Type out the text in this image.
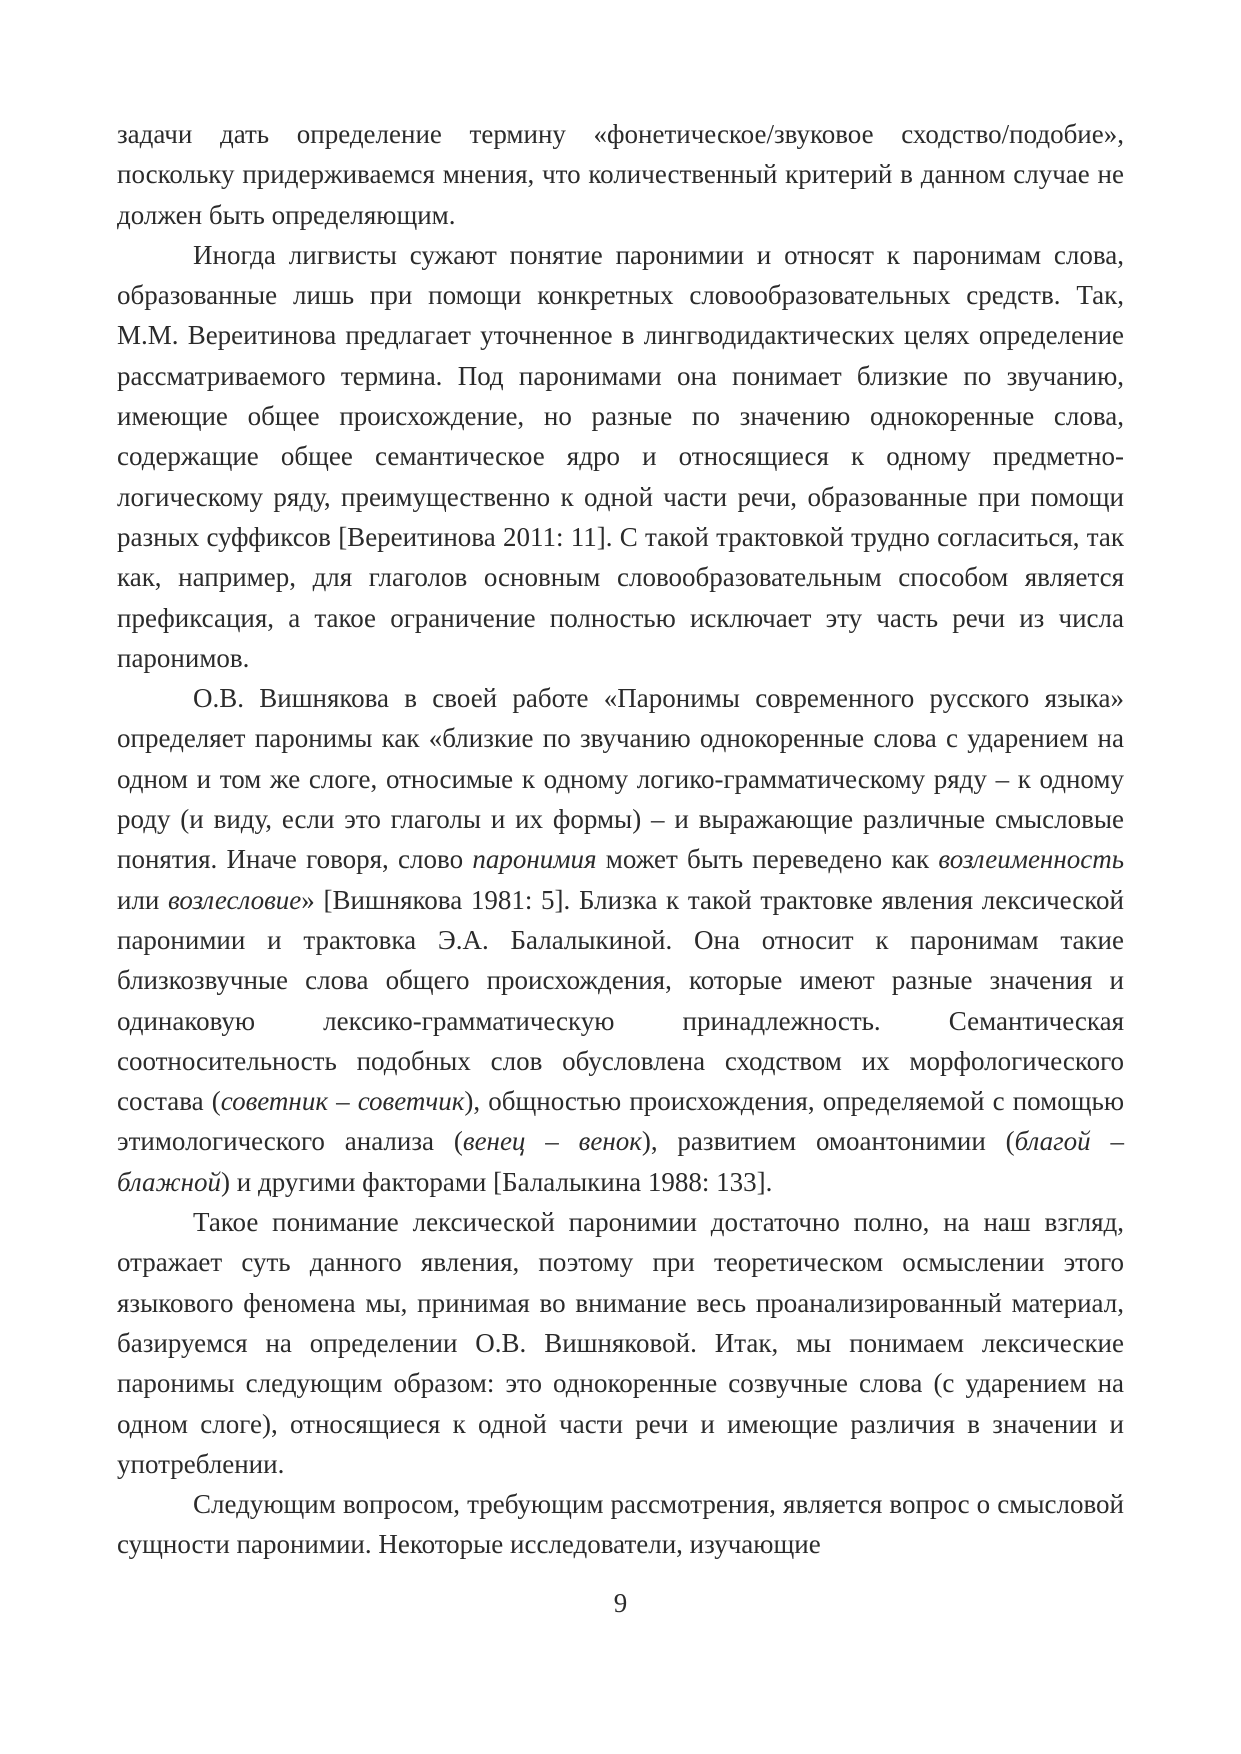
задачи дать определение термину «фонетическое/звуковое сходство/подобие», поскольку придерживаемся мнения, что количественный критерий в данном случае не должен быть определяющим.

Иногда лигвисты сужают понятие паронимии и относят к паронимам слова, образованные лишь при помощи конкретных словообразовательных средств. Так, М.М. Вереитинова предлагает уточненное в лингводидактических целях определение рассматриваемого термина. Под паронимами она понимает близкие по звучанию, имеющие общее происхождение, но разные по значению однокоренные слова, содержащие общее семантическое ядро и относящиеся к одному предметно-логическому ряду, преимущественно к одной части речи, образованные при помощи разных суффиксов [Вереитинова 2011: 11]. С такой трактовкой трудно согласиться, так как, например, для глаголов основным словообразовательным способом является префиксация, а такое ограничение полностью исключает эту часть речи из числа паронимов.

О.В. Вишнякова в своей работе «Паронимы современного русского языка» определяет паронимы как «близкие по звучанию однокоренные слова с ударением на одном и том же слоге, относимые к одному логико-грамматическому ряду – к одному роду (и виду, если это глаголы и их формы) – и выражающие различные смысловые понятия. Иначе говоря, слово паронимия может быть переведено как возлеименность или возлесловие» [Вишнякова 1981: 5]. Близка к такой трактовке явления лексической паронимии и трактовка Э.А. Балалыкиной. Она относит к паронимам такие близкозвучные слова общего происхождения, которые имеют разные значения и одинаковую лексико-грамматическую принадлежность. Семантическая соотносительность подобных слов обусловлена сходством их морфологического состава (советник – советчик), общностью происхождения, определяемой с помощью этимологического анализа (венец – венок), развитием омоантонимии (благой – блажной) и другими факторами [Балалыкина 1988: 133].

Такое понимание лексической паронимии достаточно полно, на наш взгляд, отражает суть данного явления, поэтому при теоретическом осмыслении этого языкового феномена мы, принимая во внимание весь проанализированный материал, базируемся на определении О.В. Вишняковой. Итак, мы понимаем лексические паронимы следующим образом: это однокоренные созвучные слова (с ударением на одном слоге), относящиеся к одной части речи и имеющие различия в значении и употреблении.

Следующим вопросом, требующим рассмотрения, является вопрос о смысловой сущности паронимии. Некоторые исследователи, изучающие

9
